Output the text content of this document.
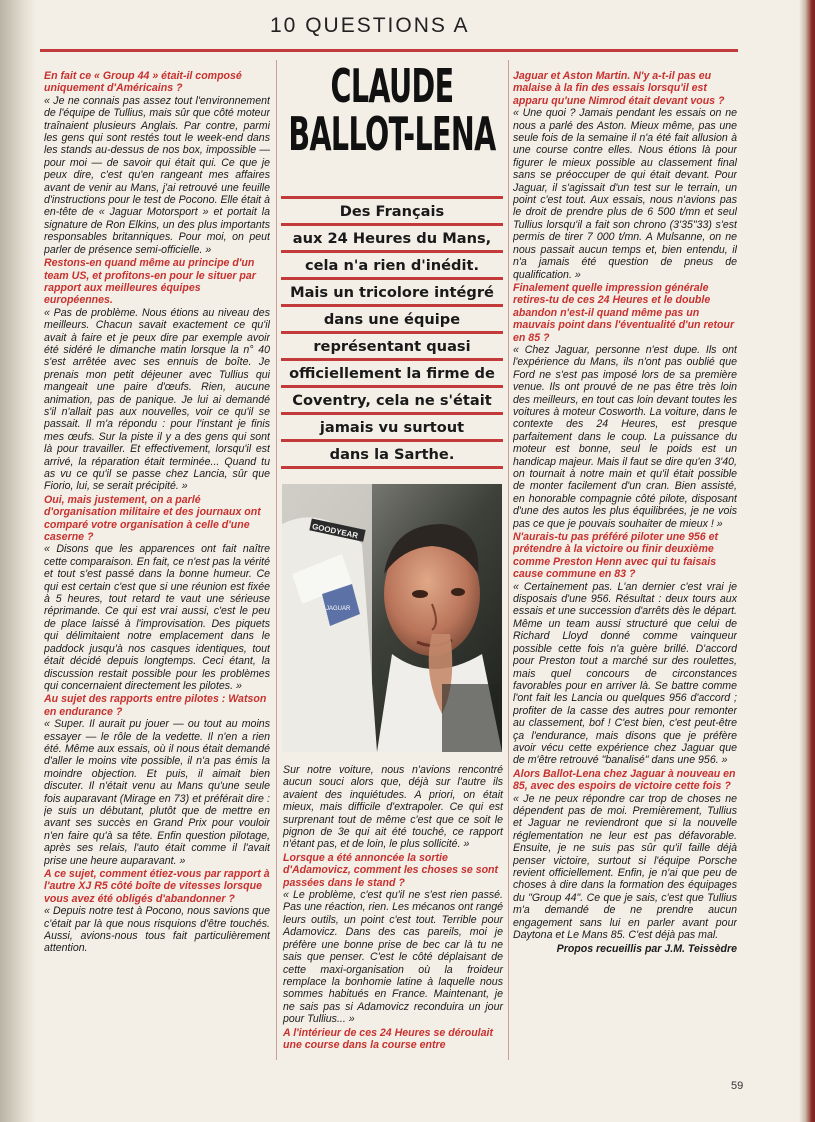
10 QUESTIONS A

En fait ce « Group 44 » était-il composé uniquement d'Américains ?

« Je ne connais pas assez tout l'environnement de l'équipe de Tullius, mais sûr que côté moteur traînaient plusieurs Anglais. Par contre, parmi les gens qui sont restés tout le week-end dans les stands au-dessus de nos box, impossible — pour moi — de savoir qui était qui. Ce que je peux dire, c'est qu'en rangeant mes affaires avant de venir au Mans, j'ai retrouvé une feuille d'instructions pour le test de Pocono. Elle était à en-tête de « Jaguar Motorsport » et portait la signature de Ron Elkins, un des plus importants responsables britanniques. Pour moi, on peut parler de présence semi-officielle. »

Restons-en quand même au principe d'un team US, et profitons-en pour le situer par rapport aux meilleures équipes européennes.

« Pas de problème. Nous étions au niveau des meilleurs. Chacun savait exactement ce qu'il avait à faire et je peux dire par exemple avoir été sidéré le dimanche matin lorsque la n° 40 s'est arrêtée avec ses ennuis de boîte. Je prenais mon petit déjeuner avec Tullius qui mangeait une paire d'œufs. Rien, aucune animation, pas de panique. Je lui ai demandé s'il n'allait pas aux nouvelles, voir ce qu'il se passait. Il m'a répondu : pour l'instant je finis mes œufs. Sur la piste il y a des gens qui sont là pour travailler. Et effectivement, lorsqu'il est arrivé, la réparation était terminée... Quand tu as vu ce qu'il se passe chez Lancia, sûr que Fiorio, lui, se serait précipité. »

Oui, mais justement, on a parlé d'organisation militaire et des journaux ont comparé votre organisation à celle d'une caserne ?

« Disons que les apparences ont fait naître cette comparaison. En fait, ce n'est pas la vérité et tout s'est passé dans la bonne humeur. Ce qui est certain c'est que si une réunion est fixée à 5 heures, tout retard te vaut une sérieuse réprimande. Ce qui est vrai aussi, c'est le peu de place laissé à l'improvisation. Des piquets qui délimitaient notre emplacement dans le paddock jusqu'à nos casques identiques, tout était décidé depuis longtemps. Ceci étant, la discussion restait possible pour les problèmes qui concernaient directement les pilotes. »

Au sujet des rapports entre pilotes : Watson en endurance ?

« Super. Il aurait pu jouer — ou tout au moins essayer — le rôle de la vedette. Il n'en a rien été. Même aux essais, où il nous était demandé d'aller le moins vite possible, il n'a pas émis la moindre objection. Et puis, il aimait bien discuter. Il n'était venu au Mans qu'une seule fois auparavant (Mirage en 73) et préférait dire : je suis un débutant, plutôt que de mettre en avant ses succès en Grand Prix pour vouloir n'en faire qu'à sa tête. Enfin question pilotage, après ses relais, l'auto était comme il l'avait prise une heure auparavant. »

A ce sujet, comment étiez-vous par rapport à l'autre XJ R5 côté boîte de vitesses lorsque vous avez été obligés d'abandonner ?

« Depuis notre test à Pocono, nous savions que c'était par là que nous risquions d'être touchés. Aussi, avions-nous tous fait particulièrement attention.

CLAUDE
BALLOT-LENA
Des Français
aux 24 Heures du Mans,
cela n'a rien d'inédit.
Mais un tricolore intégré
dans une équipe
représentant quasi
officiellement la firme de
Coventry, cela ne s'était
jamais vu surtout
dans la Sarthe.
GOODYEAR
JAGUAR

Sur notre voiture, nous n'avions rencontré aucun souci alors que, déjà sur l'autre ils avaient des inquiétudes. A priori, on était mieux, mais difficile d'extrapoler. Ce qui est surprenant tout de même c'est que ce soit le pignon de 3e qui ait été touché, ce rapport n'étant pas, et de loin, le plus sollicité. »

Lorsque a été annoncée la sortie d'Adamovicz, comment les choses se sont passées dans le stand ?

« Le problème, c'est qu'il ne s'est rien passé. Pas une réaction, rien. Les mécanos ont rangé leurs outils, un point c'est tout. Terrible pour Adamovicz. Dans des cas pareils, moi je préfère une bonne prise de bec car là tu ne sais que penser. C'est le côté déplaisant de cette maxi-organisation où la froideur remplace la bonhomie latine à laquelle nous sommes habitués en France. Maintenant, je ne sais pas si Adamovicz reconduira un jour pour Tullius... »

A l'intérieur de ces 24 Heures se déroulait une course dans la course entre

Jaguar et Aston Martin. N'y a-t-il pas eu malaise à la fin des essais lorsqu'il est apparu qu'une Nimrod était devant vous ?

« Une quoi ? Jamais pendant les essais on ne nous a parlé des Aston. Mieux même, pas une seule fois de la semaine il n'a été fait allusion à une course contre elles. Nous étions là pour figurer le mieux possible au classement final sans se préoccuper de qui était devant. Pour Jaguar, il s'agissait d'un test sur le terrain, un point c'est tout. Aux essais, nous n'avions pas le droit de prendre plus de 6 500 t/mn et seul Tullius lorsqu'il a fait son chrono (3'35"33) s'est permis de tirer 7 000 t/mn. A Mulsanne, on ne nous passait aucun temps et, bien entendu, il n'a jamais été question de pneus de qualification. »

Finalement quelle impression générale retires-tu de ces 24 Heures et le double abandon n'est-il quand même pas un mauvais point dans l'éventualité d'un retour en 85 ?

« Chez Jaguar, personne n'est dupe. Ils ont l'expérience du Mans, ils n'ont pas oublié que Ford ne s'est pas imposé lors de sa première venue. Ils ont prouvé de ne pas être très loin des meilleurs, en tout cas loin devant toutes les voitures à moteur Cosworth. La voiture, dans le contexte des 24 Heures, est presque parfaitement dans le coup. La puissance du moteur est bonne, seul le poids est un handicap majeur. Mais il faut se dire qu'en 3'40, on tournait à notre main et qu'il était possible de monter facilement d'un cran. Bien assisté, en honorable compagnie côté pilote, disposant d'une des autos les plus équilibrées, je ne vois pas ce que je pouvais souhaiter de mieux ! »

N'aurais-tu pas préféré piloter une 956 et prétendre à la victoire ou finir deuxième comme Preston Henn avec qui tu faisais cause commune en 83 ?

« Certainement pas. L'an dernier c'est vrai je disposais d'une 956. Résultat : deux tours aux essais et une succession d'arrêts dès le départ. Même un team aussi structuré que celui de Richard Lloyd donné comme vainqueur possible cette fois n'a guère brillé. D'accord pour Preston tout a marché sur des roulettes, mais quel concours de circonstances favorables pour en arriver là. Se battre comme l'ont fait les Lancia ou quelques 956 d'accord ; profiter de la casse des autres pour remonter au classement, bof ! C'est bien, c'est peut-être ça l'endurance, mais disons que je préfère avoir vécu cette expérience chez Jaguar que de m'être retrouvé "banalisé" dans une 956. »

Alors Ballot-Lena chez Jaguar à nouveau en 85, avec des espoirs de victoire cette fois ?

« Je ne peux répondre car trop de choses ne dépendent pas de moi. Premièrement, Tullius et Jaguar ne reviendront que si la nouvelle réglementation ne leur est pas défavorable. Ensuite, je ne suis pas sûr qu'il faille déjà penser victoire, surtout si l'équipe Porsche revient officiellement. Enfin, je n'ai que peu de choses à dire dans la formation des équipages du "Group 44". Ce que je sais, c'est que Tullius m'a demandé de ne prendre aucun engagement sans lui en parler avant pour Daytona et Le Mans 85. C'est déjà pas mal.

Propos recueillis par J.M. Teissèdre
59
